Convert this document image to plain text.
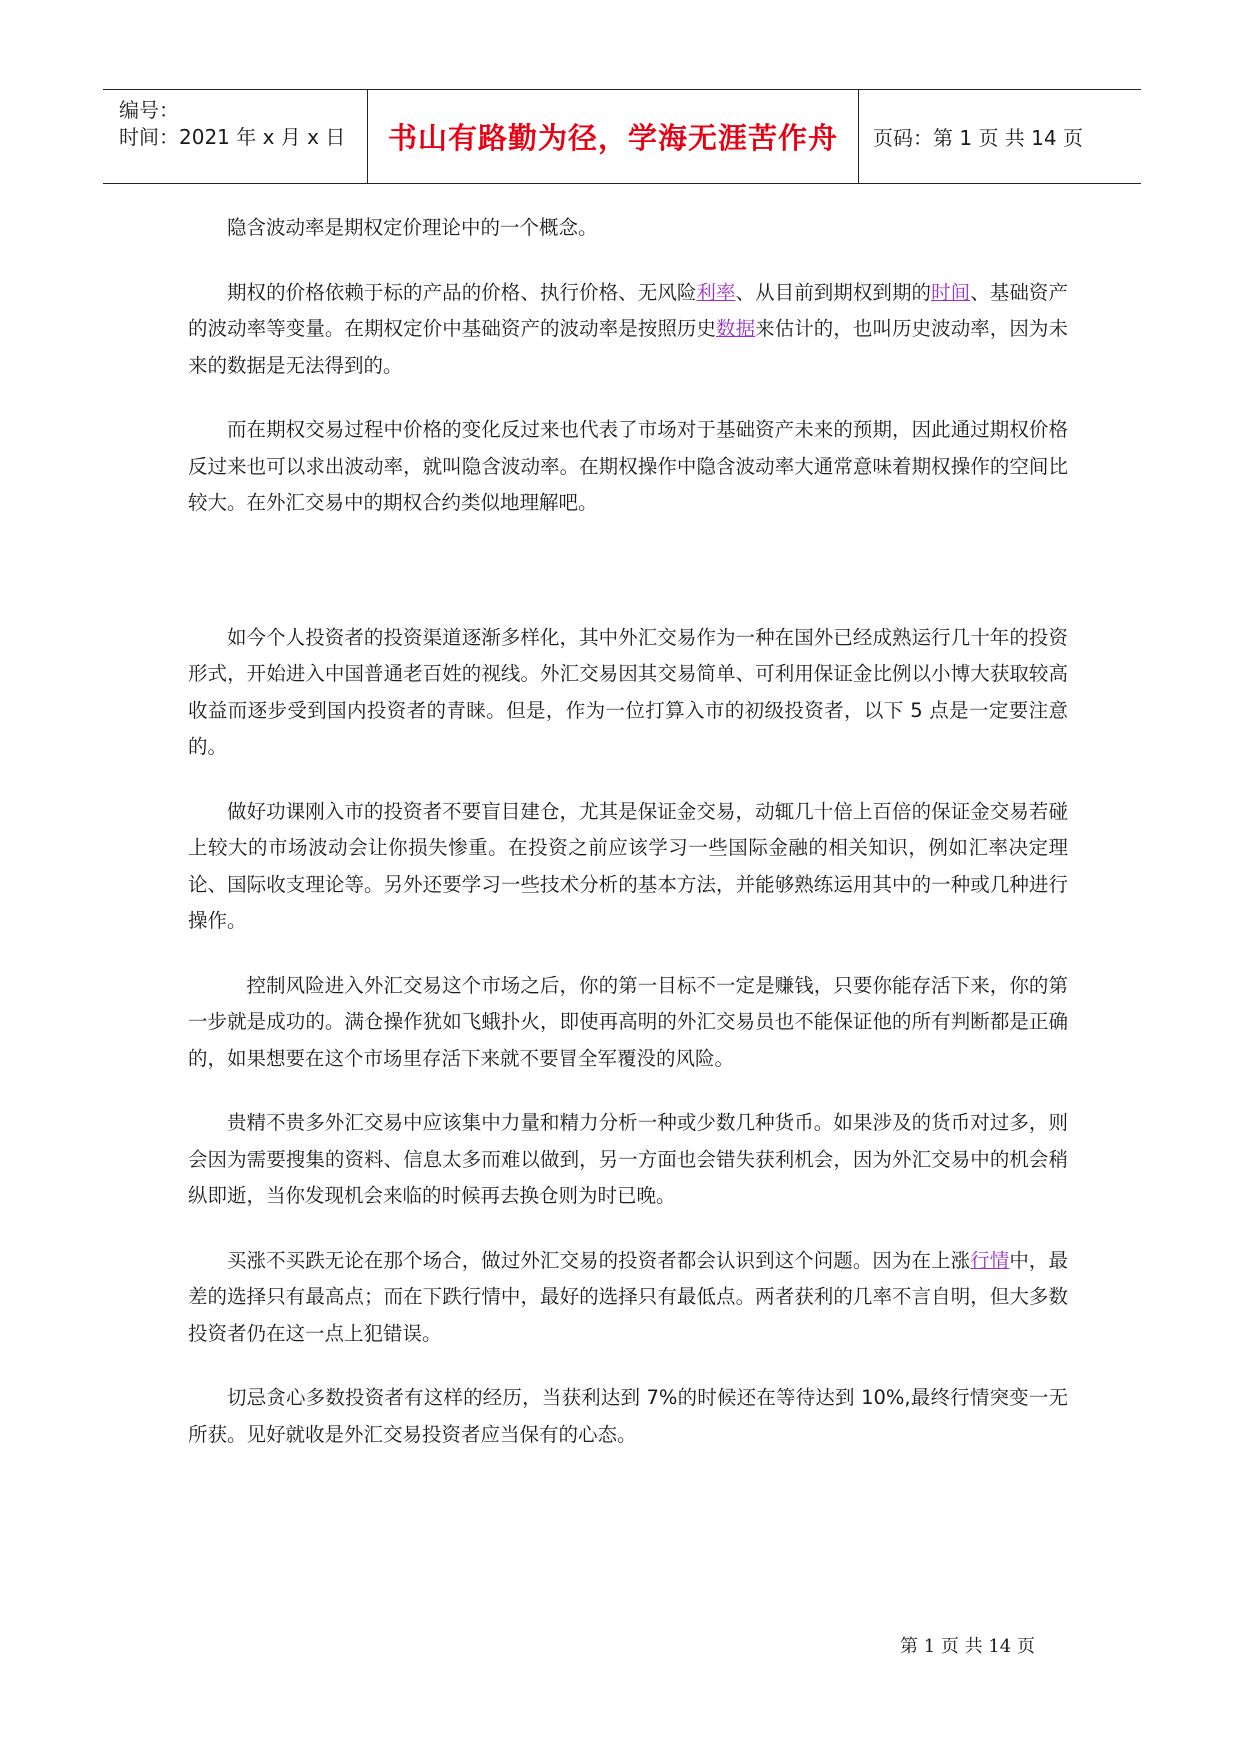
编号：
时间：2021 年 x 月 x 日	书山有路勤为径，学海无涯苦作舟	页码：第 1 页 共 14 页

隐含波动率是期权定价理论中的一个概念。

期权的价格依赖于标的产品的价格、执行价格、无风险利率、从目前到期权到期的时间、基础资产的波动率等变量。在期权定价中基础资产的波动率是按照历史数据来估计的，也叫历史波动率，因为未来的数据是无法得到的。

而在期权交易过程中价格的变化反过来也代表了市场对于基础资产未来的预期，因此通过期权价格反过来也可以求出波动率，就叫隐含波动率。在期权操作中隐含波动率大通常意味着期权操作的空间比较大。在外汇交易中的期权合约类似地理解吧。

如今个人投资者的投资渠道逐渐多样化，其中外汇交易作为一种在国外已经成熟运行几十年的投资形式，开始进入中国普通老百姓的视线。外汇交易因其交易简单、可利用保证金比例以小博大获取较高收益而逐步受到国内投资者的青睐。但是，作为一位打算入市的初级投资者，以下 5 点是一定要注意的。

做好功课刚入市的投资者不要盲目建仓，尤其是保证金交易，动辄几十倍上百倍的保证金交易若碰上较大的市场波动会让你损失惨重。在投资之前应该学习一些国际金融的相关知识，例如汇率决定理论、国际收支理论等。另外还要学习一些技术分析的基本方法，并能够熟练运用其中的一种或几种进行操作。

控制风险进入外汇交易这个市场之后，你的第一目标不一定是赚钱，只要你能存活下来，你的第一步就是成功的。满仓操作犹如飞蛾扑火，即使再高明的外汇交易员也不能保证他的所有判断都是正确的，如果想要在这个市场里存活下来就不要冒全军覆没的风险。

贵精不贵多外汇交易中应该集中力量和精力分析一种或少数几种货币。如果涉及的货币对过多，则会因为需要搜集的资料、信息太多而难以做到，另一方面也会错失获利机会，因为外汇交易中的机会稍纵即逝，当你发现机会来临的时候再去换仓则为时已晚。

买涨不买跌无论在那个场合，做过外汇交易的投资者都会认识到这个问题。因为在上涨行情中，最差的选择只有最高点；而在下跌行情中，最好的选择只有最低点。两者获利的几率不言自明，但大多数投资者仍在这一点上犯错误。

切忌贪心多数投资者有这样的经历，当获利达到 7%的时候还在等待达到 10%,最终行情突变一无所获。见好就收是外汇交易投资者应当保有的心态。

第 1 页 共 14 页
